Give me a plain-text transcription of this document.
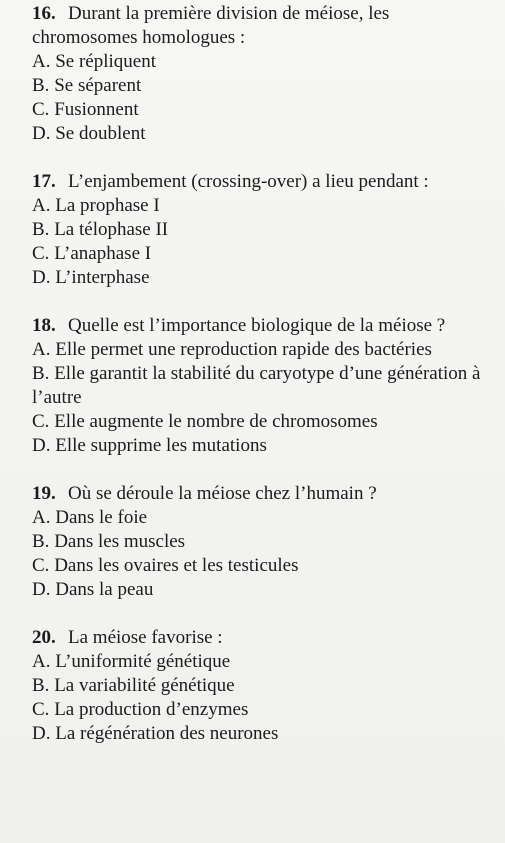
16. Durant la première division de méiose, les chromosomes homologues :

A. Se répliquent
B. Se séparent
C. Fusionnent
D. Se doublent

17. L’enjambement (crossing-over) a lieu pendant :

A. La prophase I
B. La télophase II
C. L’anaphase I
D. L’interphase

18. Quelle est l’importance biologique de la méiose ?

A. Elle permet une reproduction rapide des bactéries
B. Elle garantit la stabilité du caryotype d’une génération à l’autre
C. Elle augmente le nombre de chromosomes
D. Elle supprime les mutations

19. Où se déroule la méiose chez l’humain ?

A. Dans le foie
B. Dans les muscles
C. Dans les ovaires et les testicules
D. Dans la peau

20. La méiose favorise :

A. L’uniformité génétique
B. La variabilité génétique
C. La production d’enzymes
D. La régénération des neurones
